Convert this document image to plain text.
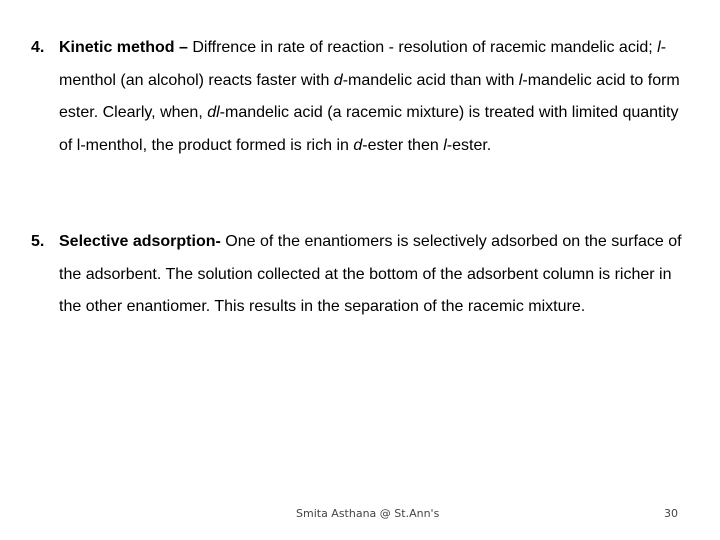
4. Kinetic method – Diffrence in rate of reaction - resolution of racemic mandelic acid; l-menthol (an alcohol) reacts faster with d-mandelic acid than with l-mandelic acid to form ester. Clearly, when, dl-mandelic acid (a racemic mixture) is treated with limited quantity of l-menthol, the product formed is rich in d-ester then l-ester.
5. Selective adsorption- One of the enantiomers is selectively adsorbed on the surface of the adsorbent. The solution collected at the bottom of the adsorbent column is richer in the other enantiomer. This results in the separation of the racemic mixture.
Smita Asthana @ St.Ann's	30
